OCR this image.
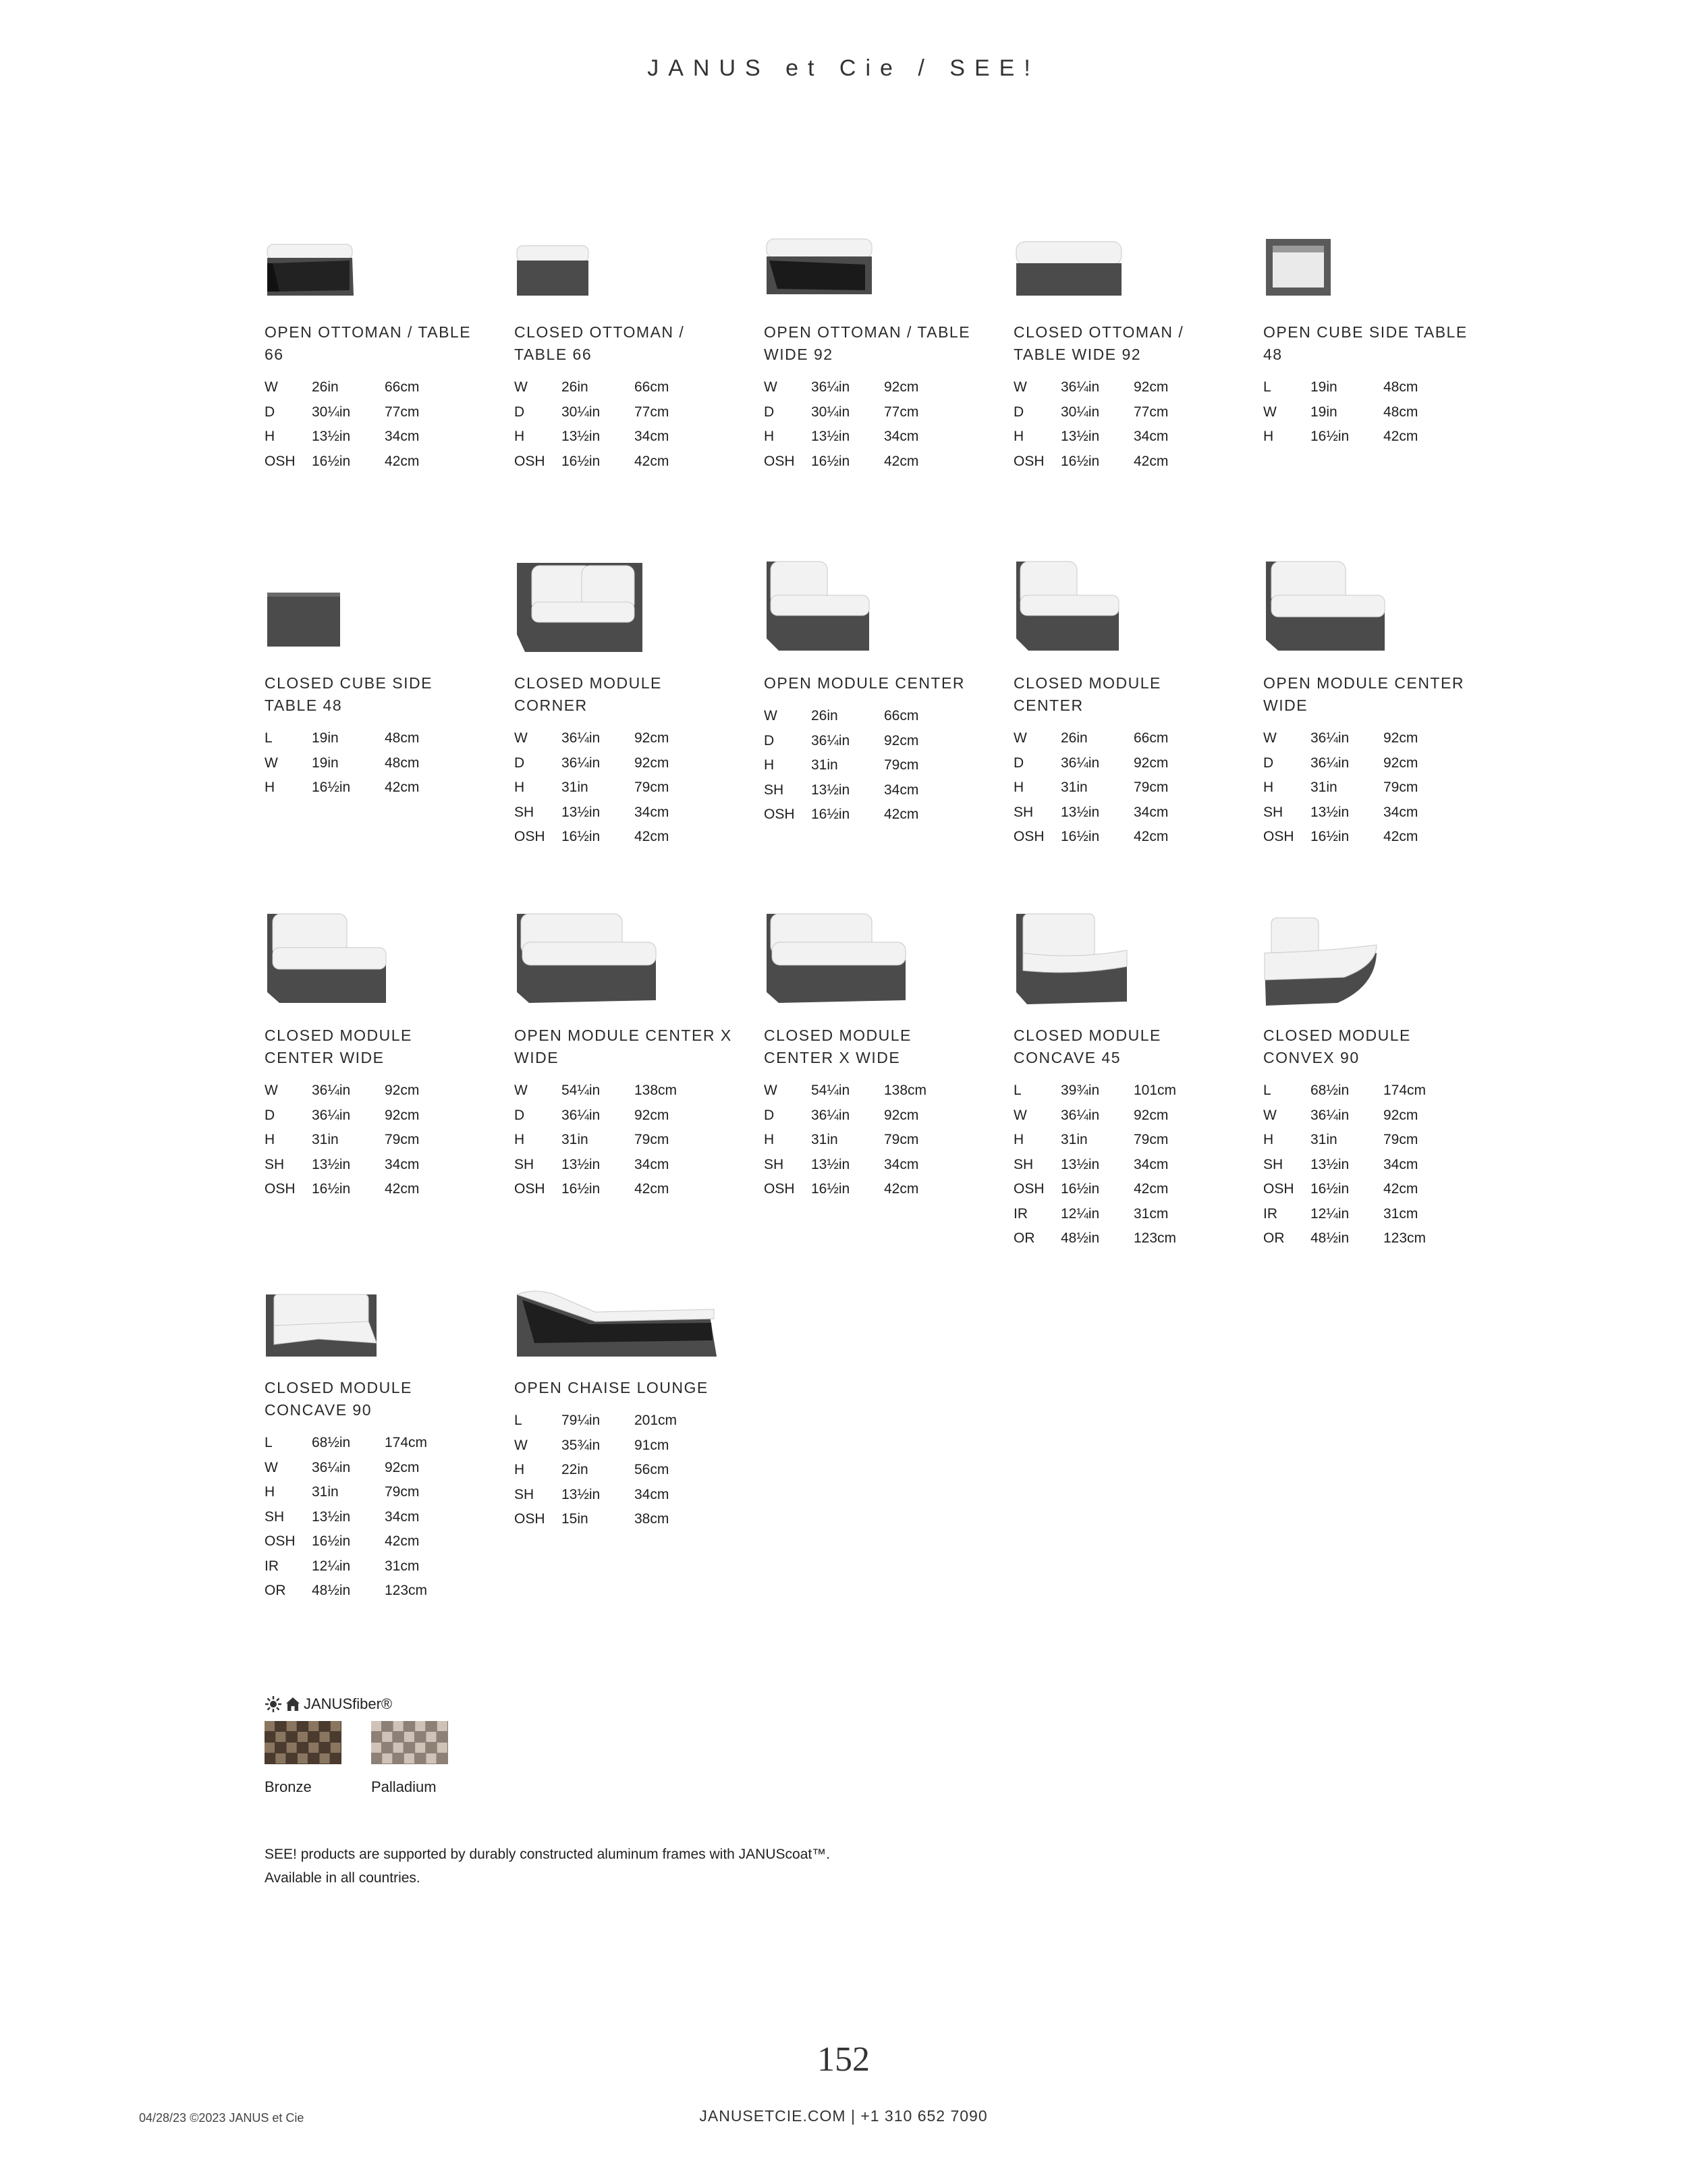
JANUS et Cie / SEE!
OPEN OTTOMAN / TABLE 66
W	26in	66cm
D	30¼in	77cm
H	13½in	34cm
OSH	16½in	42cm
CLOSED OTTOMAN / TABLE 66
W	26in	66cm
D	30¼in	77cm
H	13½in	34cm
OSH	16½in	42cm
OPEN OTTOMAN / TABLE WIDE 92
W	36¼in	92cm
D	30¼in	77cm
H	13½in	34cm
OSH	16½in	42cm
CLOSED OTTOMAN / TABLE WIDE 92
W	36¼in	92cm
D	30¼in	77cm
H	13½in	34cm
OSH	16½in	42cm
OPEN CUBE SIDE TABLE 48
L	19in	48cm
W	19in	48cm
H	16½in	42cm
CLOSED CUBE SIDE TABLE 48
L	19in	48cm
W	19in	48cm
H	16½in	42cm
CLOSED MODULE CORNER
W	36¼in	92cm
D	36¼in	92cm
H	31in	79cm
SH	13½in	34cm
OSH	16½in	42cm
OPEN MODULE CENTER
W	26in	66cm
D	36¼in	92cm
H	31in	79cm
SH	13½in	34cm
OSH	16½in	42cm
CLOSED MODULE CENTER
W	26in	66cm
D	36¼in	92cm
H	31in	79cm
SH	13½in	34cm
OSH	16½in	42cm
OPEN MODULE CENTER WIDE
W	36¼in	92cm
D	36¼in	92cm
H	31in	79cm
SH	13½in	34cm
OSH	16½in	42cm
CLOSED MODULE CENTER WIDE
W	36¼in	92cm
D	36¼in	92cm
H	31in	79cm
SH	13½in	34cm
OSH	16½in	42cm
OPEN MODULE CENTER X WIDE
W	54¼in	138cm
D	36¼in	92cm
H	31in	79cm
SH	13½in	34cm
OSH	16½in	42cm
CLOSED MODULE CENTER X WIDE
W	54¼in	138cm
D	36¼in	92cm
H	31in	79cm
SH	13½in	34cm
OSH	16½in	42cm
CLOSED MODULE CONCAVE 45
L	39¾in	101cm
W	36¼in	92cm
H	31in	79cm
SH	13½in	34cm
OSH	16½in	42cm
IR	12¼in	31cm
OR	48½in	123cm
CLOSED MODULE CONVEX 90
L	68½in	174cm
W	36¼in	92cm
H	31in	79cm
SH	13½in	34cm
OSH	16½in	42cm
IR	12¼in	31cm
OR	48½in	123cm
CLOSED MODULE CONCAVE 90
L	68½in	174cm
W	36¼in	92cm
H	31in	79cm
SH	13½in	34cm
OSH	16½in	42cm
IR	12¼in	31cm
OR	48½in	123cm
OPEN CHAISE LOUNGE
L	79¼in	201cm
W	35¾in	91cm
H	22in	56cm
SH	13½in	34cm
OSH	15in	38cm
JANUSfiber®
Bronze	Palladium
SEE! products are supported by durably constructed aluminum frames with JANUScoat™.
Available in all countries.
152
04/28/23 ©2023 JANUS et Cie	JANUSETCIE.COM | +1 310 652 7090
